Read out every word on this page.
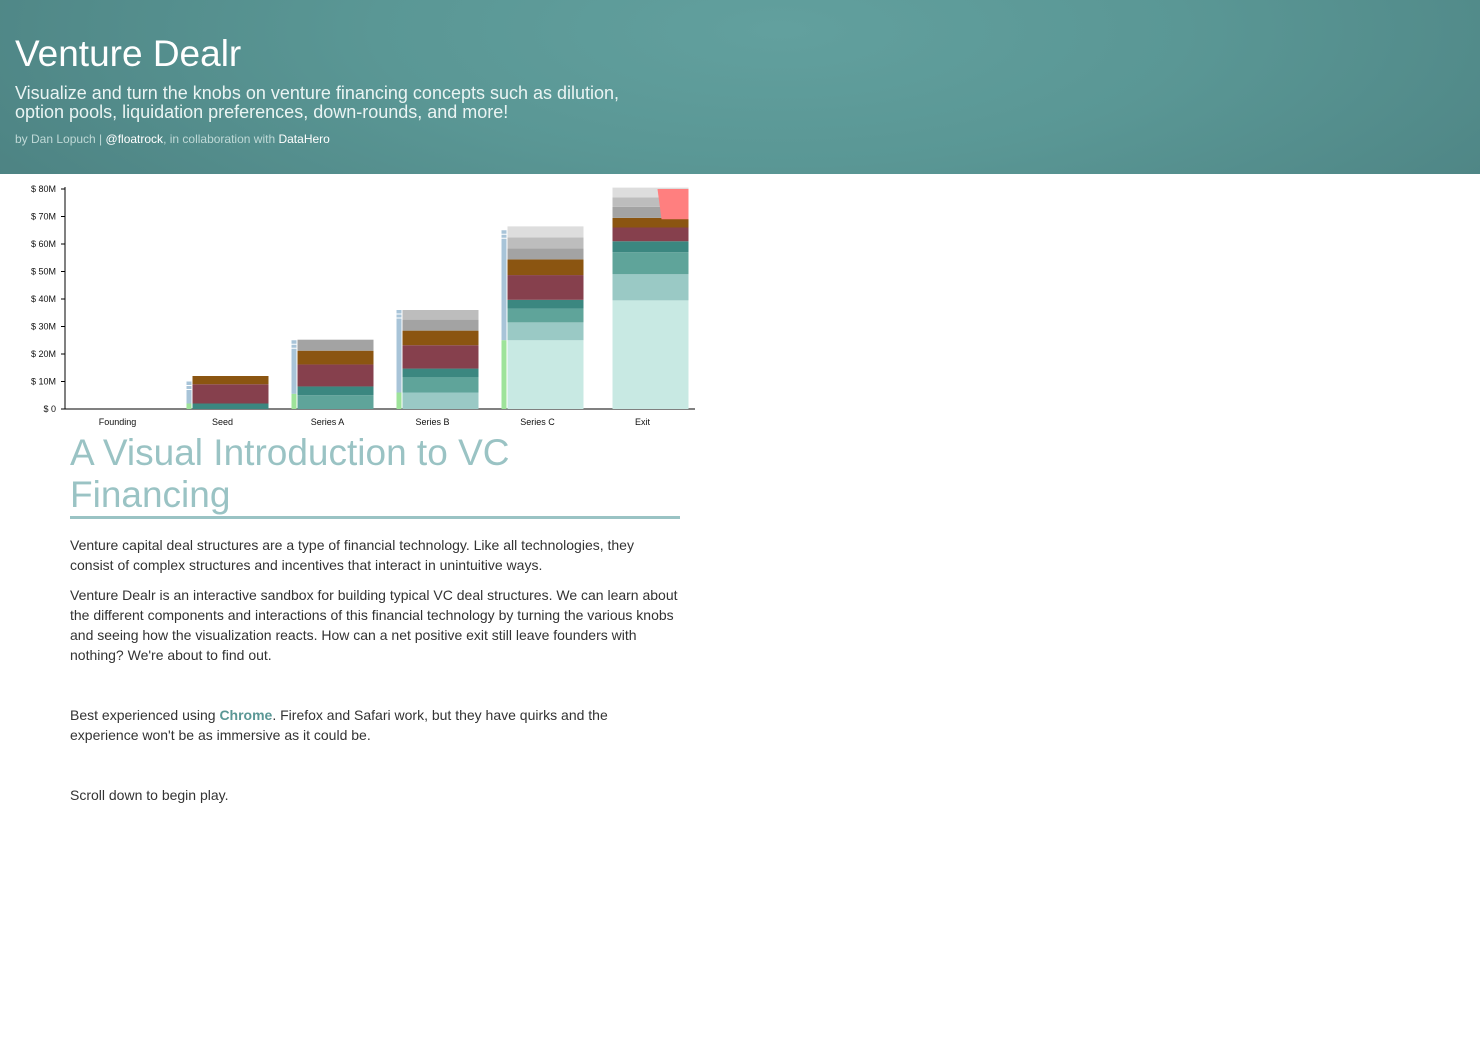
Venture Dealr
Visualize and turn the knobs on venture financing concepts such as dilution, option pools, liquidation preferences, down-rounds, and more!
by Dan Lopuch | @floatrock, in collaboration with DataHero
$ 0
$ 10M
$ 20M
$ 30M
$ 40M
$ 50M
$ 60M
$ 70M
$ 80M
Founding	Seed	Series A	Series B	Series C	Exit
A Visual Introduction to VC Financing

Venture capital deal structures are a type of financial technology. Like all technologies, they consist of complex structures and incentives that interact in unintuitive ways.

Venture Dealr is an interactive sandbox for building typical VC deal structures. We can learn about the different components and interactions of this financial technology by turning the various knobs and seeing how the visualization reacts. How can a net positive exit still leave founders with nothing? We're about to find out.

Best experienced using Chrome. Firefox and Safari work, but they have quirks and the experience won't be as immersive as it could be.

Scroll down to begin play.
